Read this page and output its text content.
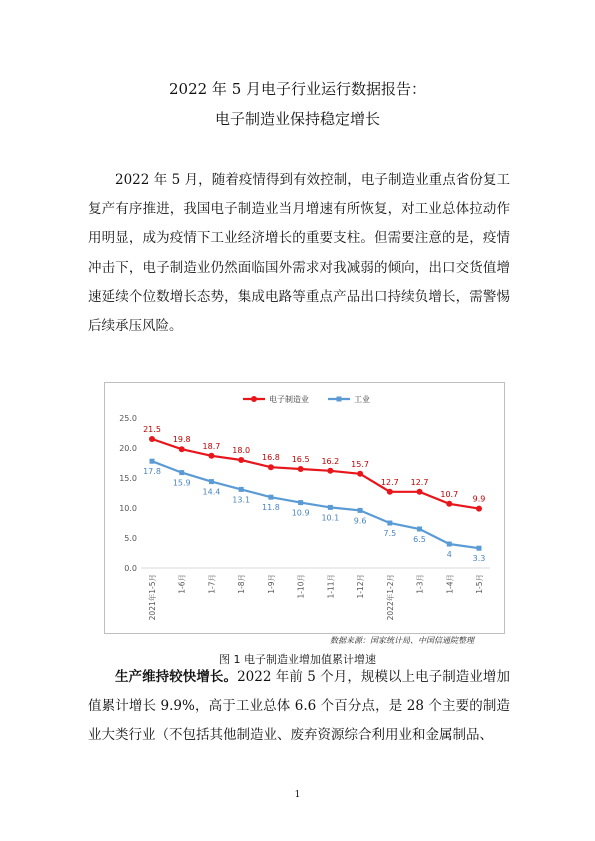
2022 年 5 月电子行业运行数据报告：
电子制造业保持稳定增长
2022 年 5 月，随着疫情得到有效控制，电子制造业重点省份复工复产有序推进，我国电子制造业当月增速有所恢复，对工业总体拉动作用明显，成为疫情下工业经济增长的重要支柱。但需要注意的是，疫情冲击下，电子制造业仍然面临国外需求对我减弱的倾向，出口交货值增速延续个位数增长态势，集成电路等重点产品出口持续负增长，需警惕后续承压风险。
0.0
5.0
10.0
15.0
20.0
25.0
2021年1-5月	1-6月	1-7月	1-8月	1-9月	1-10月	1-11月	1-12月	2022年1-2月	1-3月	1-4月	1-5月
21.5
19.8
18.7 18.0
16.8 16.5 16.2 15.7
12.7 12.7
10.7
9.9
17.8
15.9
14.4
13.1
11.8
10.9
10.1 9.6
7.5
6.5
4	3.3
电子制造业	工业
数据来源：国家统计局、中国信通院整理
图 1 电子制造业增加值累计增速
生产维持较快增长。2022 年前 5 个月，规模以上电子制造业增加值累计增长 9.9%，高于工业总体 6.6 个百分点，是 28 个主要的制造业大类行业（不包括其他制造业、废弃资源综合利用业和金属制品、
1
